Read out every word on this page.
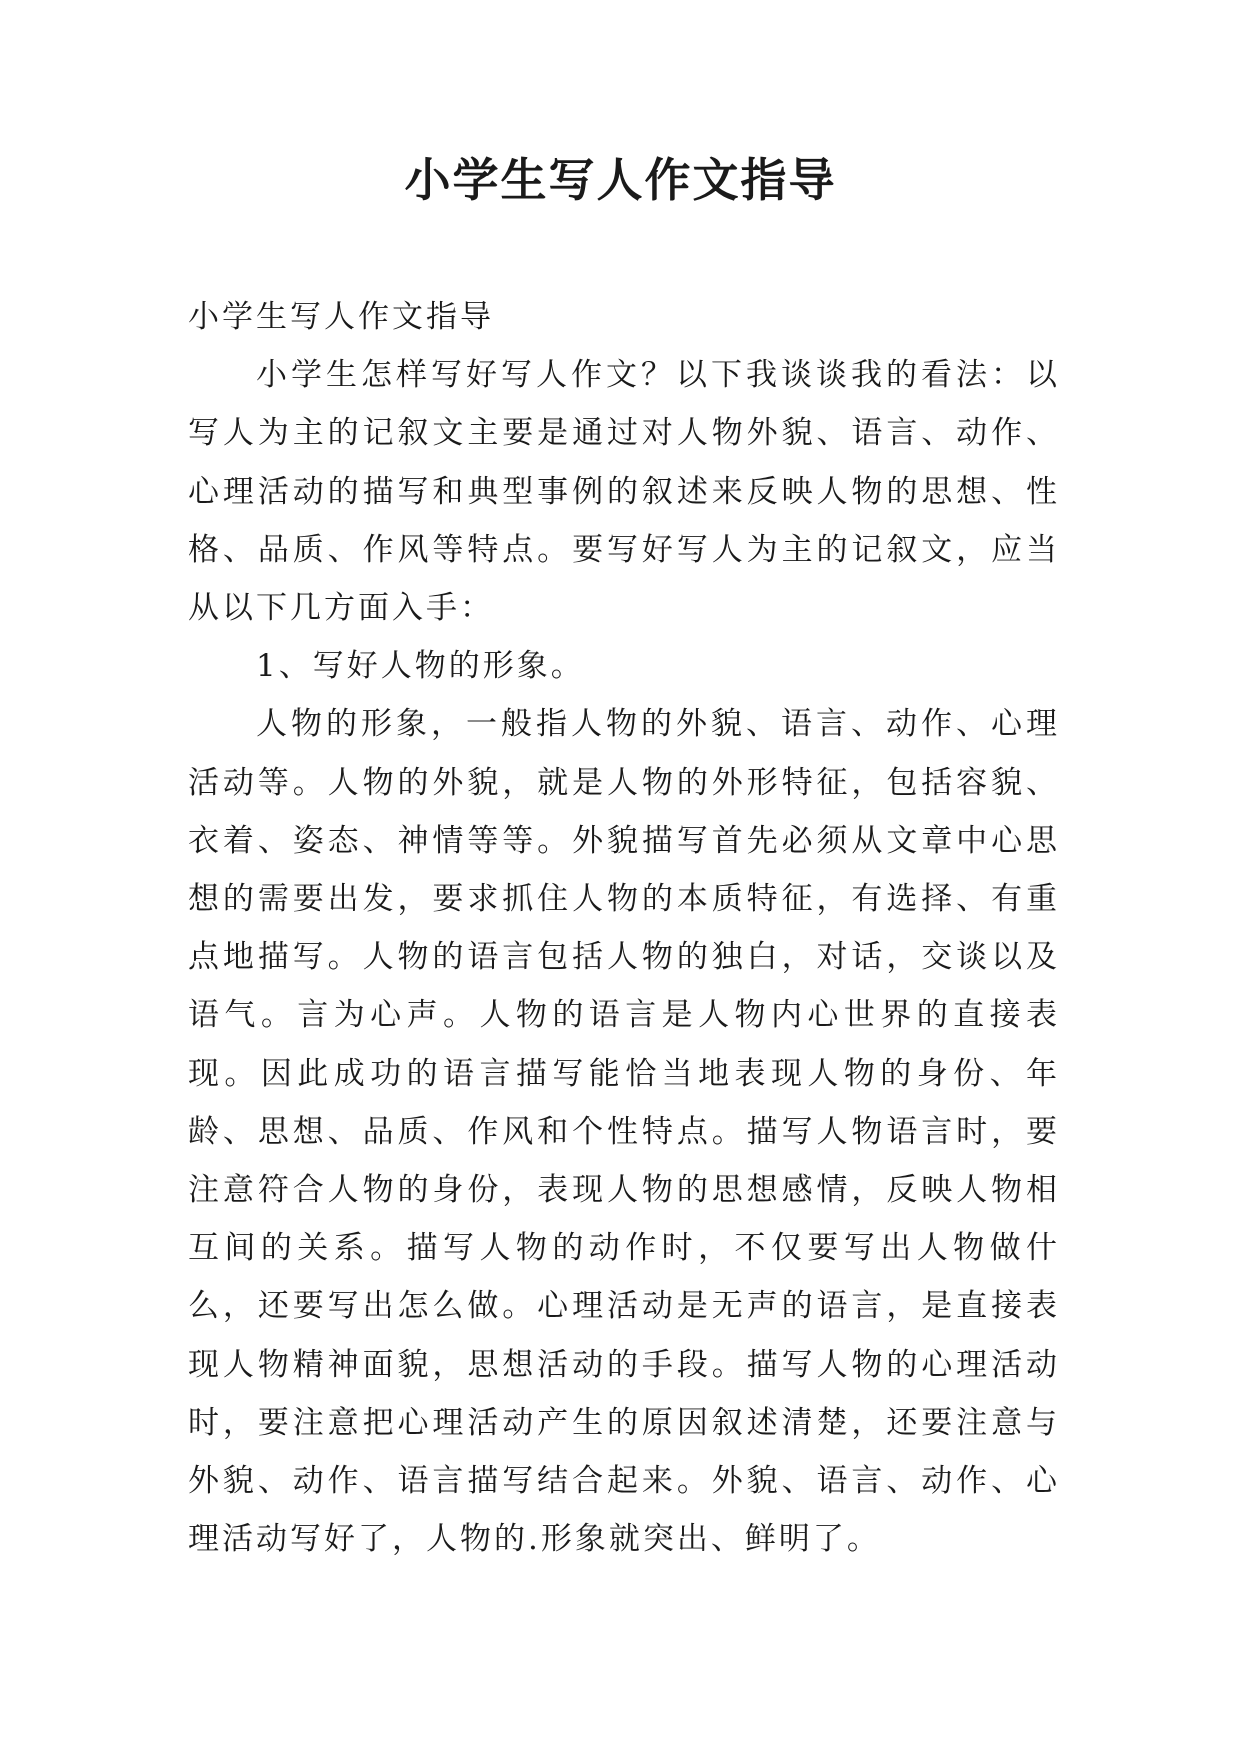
小学生写人作文指导

小学生写人作文指导

小学生怎样写好写人作文？以下我谈谈我的看法：以写人为主的记叙文主要是通过对人物外貌、语言、动作、心理活动的描写和典型事例的叙述来反映人物的思想、性格、品质、作风等特点。要写好写人为主的记叙文，应当从以下几方面入手：

1、写好人物的形象。

人物的形象，一般指人物的外貌、语言、动作、心理活动等。人物的外貌，就是人物的外形特征，包括容貌、衣着、姿态、神情等等。外貌描写首先必须从文章中心思想的需要出发，要求抓住人物的本质特征，有选择、有重点地描写。人物的语言包括人物的独白，对话，交谈以及语气。言为心声。人物的语言是人物内心世界的直接表现。因此成功的语言描写能恰当地表现人物的身份、年龄、思想、品质、作风和个性特点。描写人物语言时，要注意符合人物的身份，表现人物的思想感情，反映人物相互间的关系。描写人物的动作时，不仅要写出人物做什么，还要写出怎么做。心理活动是无声的语言，是直接表现人物精神面貌，思想活动的手段。描写人物的心理活动时，要注意把心理活动产生的原因叙述清楚，还要注意与外貌、动作、语言描写结合起来。外貌、语言、动作、心理活动写好了，人物的.形象就突出、鲜明了。
